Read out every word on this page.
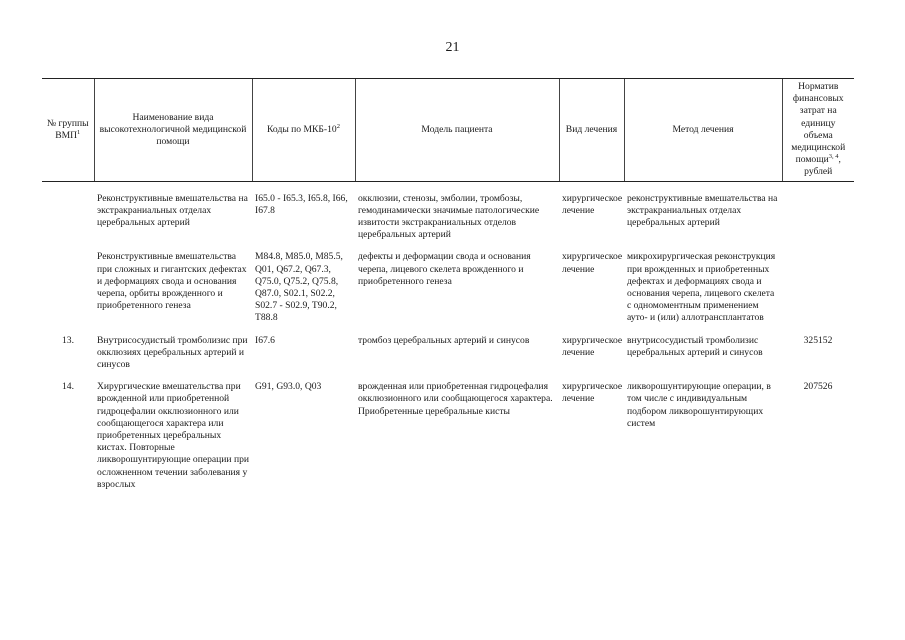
21
№ группы ВМП$^1$	Наименование вида высокотехнологичной медицинской помощи	Коды по МКБ-$10^2$	Модель пациента	Вид лечения	Метод лечения	Норматив финансовых затрат на единицу объема медицинской помощи$^{3, 4}$, рублей

	Реконструктивные вмешательства на экстракраниальных отделах церебральных артерий	I65.0 - I65.3, I65.8, I66, I67.8	окклюзии, стенозы, эмболии, тромбозы, гемодинамически значимые патологические извитости экстракраниальных отделов церебральных артерий	хирургическое лечение	реконструктивные вмешательства на экстракраниальных отделах церебральных артерий	
	Реконструктивные вмешательства при сложных и гигантских дефектах и деформациях свода и основания черепа, орбиты врожденного и приобретенного генеза	M84.8, M85.0, M85.5, Q01, Q67.2, Q67.3, Q75.0, Q75.2, Q75.8, Q87.0, S02.1, S02.2, S02.7 - S02.9, T90.2, T88.8	дефекты и деформации свода и основания черепа, лицевого скелета врожденного и приобретенного генеза	хирургическое лечение	микрохирургическая реконструкция при врожденных и приобретенных дефектах и деформациях свода и основания черепа, лицевого скелета с одномоментным применением ауто- и (или) аллотрансплантатов	
13.	Внутрисосудистый тромболизис при окклюзиях церебральных артерий и синусов	I67.6	тромбоз церебральных артерий и синусов	хирургическое лечение	внутрисосудистый тромболизис церебральных артерий и синусов	325152
14.	Хирургические вмешательства при врожденной или приобретенной гидроцефалии окклюзионного или сообщающегося характера или приобретенных церебральных кистах. Повторные ликворошунтирующие операции при осложненном течении заболевания у взрослых	G91, G93.0, Q03	врожденная или приобретенная гидроцефалия окклюзионного или сообщающегося характера. Приобретенные церебральные кисты	хирургическое лечение	ликворошунтирующие операции, в том числе с индивидуальным подбором ликворошунтирующих систем	207526
